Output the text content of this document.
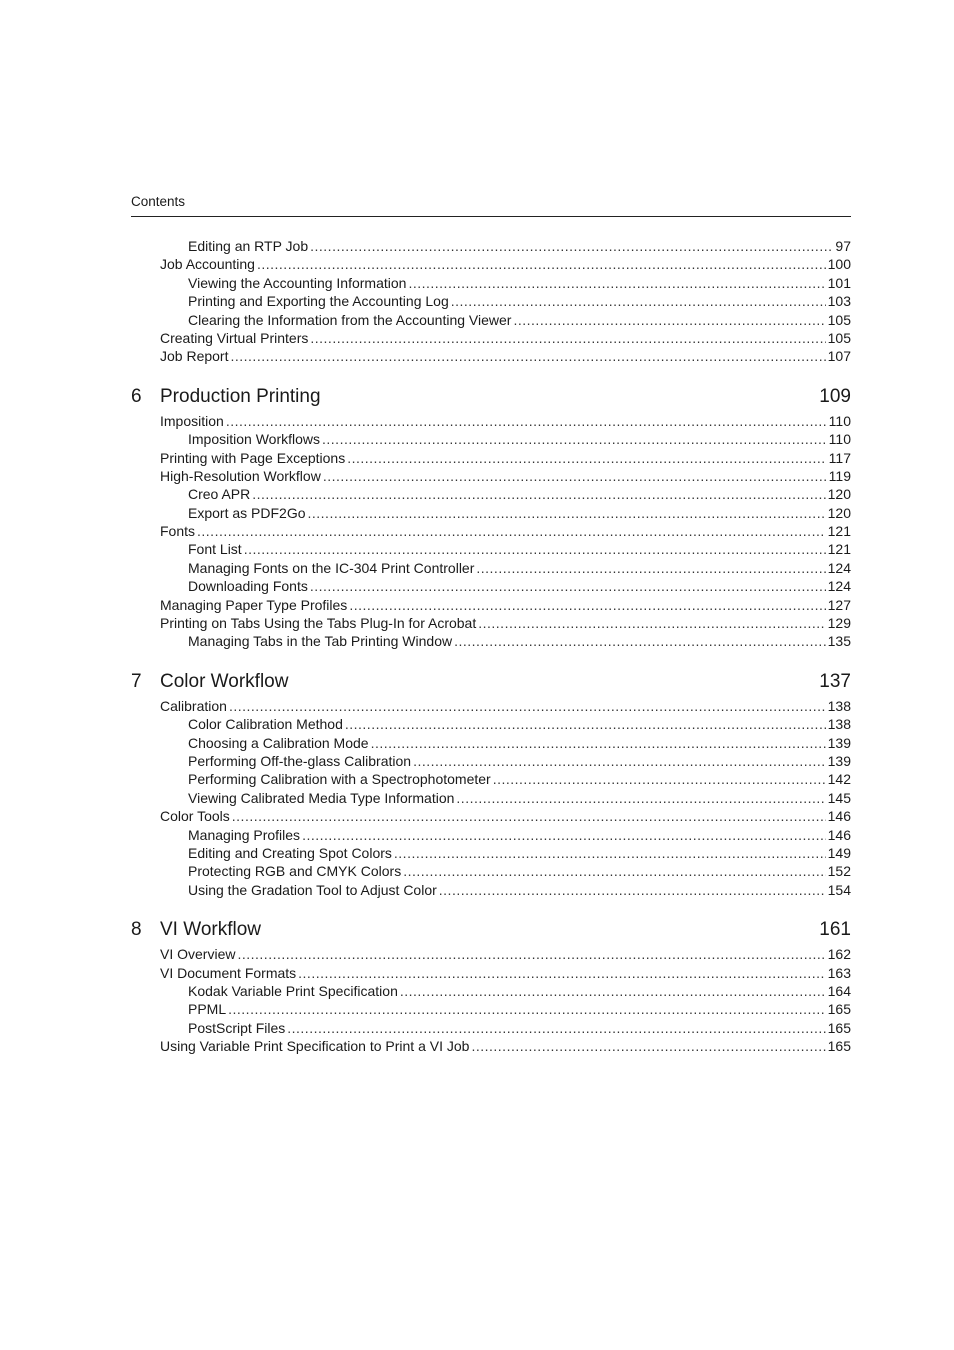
Contents
Editing an RTP Job .....	97
Job Accounting .....	100
Viewing the Accounting Information .....	101
Printing and Exporting the Accounting Log .....	103
Clearing the Information from the Accounting Viewer .....	105
Creating Virtual Printers .....	105
Job Report .....	107
6 Production Printing	109
Imposition .....	110
Imposition Workflows .....	110
Printing with Page Exceptions .....	117
High-Resolution Workflow .....	119
Creo APR .....	120
Export as PDF2Go .....	120
Fonts .....	121
Font List .....	121
Managing Fonts on the IC-304 Print Controller .....	124
Downloading Fonts .....	124
Managing Paper Type Profiles .....	127
Printing on Tabs Using the Tabs Plug-In for Acrobat .....	129
Managing Tabs in the Tab Printing Window .....	135
7 Color Workflow	137
Calibration .....	138
Color Calibration Method .....	138
Choosing a Calibration Mode .....	139
Performing Off-the-glass Calibration .....	139
Performing Calibration with a Spectrophotometer .....	142
Viewing Calibrated Media Type Information .....	145
Color Tools .....	146
Managing Profiles .....	146
Editing and Creating Spot Colors .....	149
Protecting RGB and CMYK Colors .....	152
Using the Gradation Tool to Adjust Color .....	154
8 VI Workflow	161
VI Overview .....	162
VI Document Formats .....	163
Kodak Variable Print Specification .....	164
PPML .....	165
PostScript Files .....	165
Using Variable Print Specification to Print a VI Job .....	165
